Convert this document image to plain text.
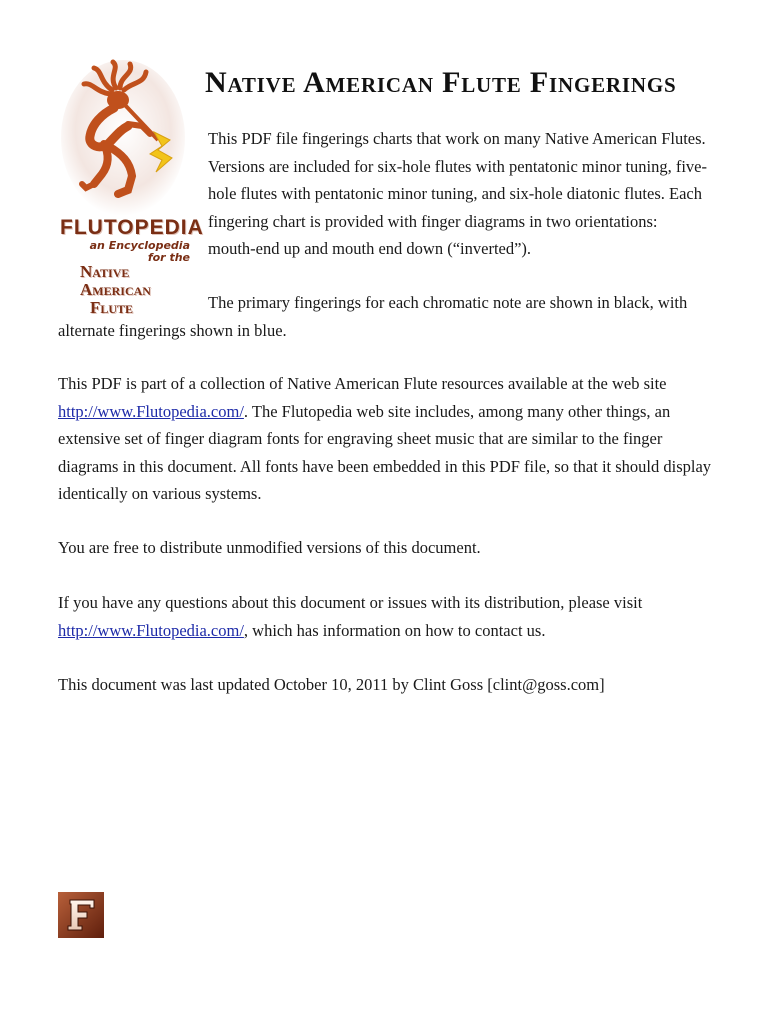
FLUTOPEDIA
an Encyclopedia
for the
Native
American
Flute
Native American Flute Fingerings

This PDF file fingerings charts that work on many Native American Flutes. Versions are included for six-hole flutes with pentatonic minor tuning, five-hole flutes with pentatonic minor tuning, and six-hole diatonic flutes. Each fingering chart is provided with finger diagrams in two orientations: mouth-end up and mouth end down (“inverted”).

The primary fingerings for each chromatic note are shown in black, with alternate fingerings shown in blue.

This PDF is part of a collection of Native American Flute resources available at the web site http://www.Flutopedia.com/. The Flutopedia web site includes, among many other things, an extensive set of finger diagram fonts for engraving sheet music that are similar to the finger diagrams in this document. All fonts have been embedded in this PDF file, so that it should display identically on various systems.

You are free to distribute unmodified versions of this document.

If you have any questions about this document or issues with its distribution, please visit http://www.Flutopedia.com/, which has information on how to contact us.

This document was last updated October 10, 2011 by Clint Goss [clint@goss.com]
